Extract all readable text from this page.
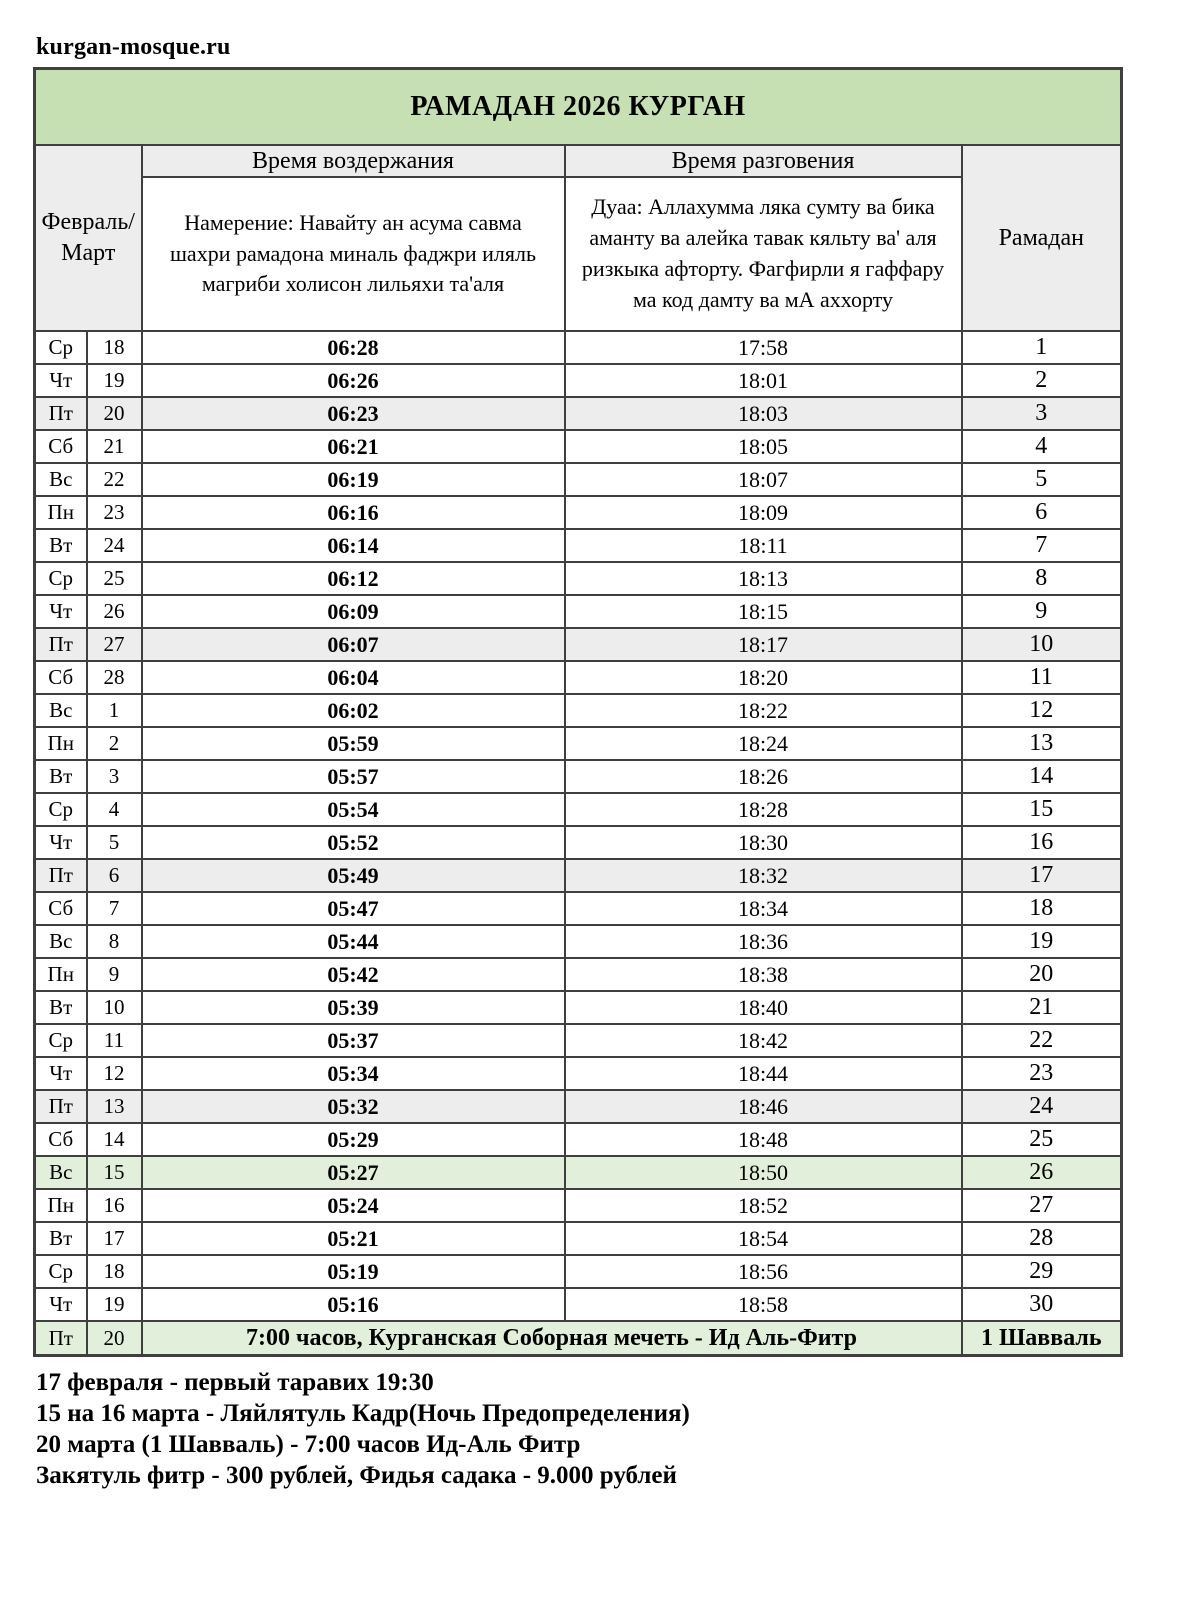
kurgan-mosque.ru
РАМАДАН 2026 КУРГАН				

Февраль/
Март		Время воздержания	Время разговения	Рамадан
		Намерение: Навайту ан асума савма шахри рамадона миналь фаджри иляль магриби холисон лильяхи та'аля	Дуаа: Аллахумма ляка сумту ва бика аманту ва алейка тавак кяльту ва' аля ризкыка афторту. Фагфирли я гаффару ма код дамту ва мА аххорту	
Ср	18	06:28	17:58	1
Чт	19	06:26	18:01	2
Пт	20	06:23	18:03	3
Сб	21	06:21	18:05	4
Вс	22	06:19	18:07	5
Пн	23	06:16	18:09	6
Вт	24	06:14	18:11	7
Ср	25	06:12	18:13	8
Чт	26	06:09	18:15	9
Пт	27	06:07	18:17	10
Сб	28	06:04	18:20	11
Вс	1	06:02	18:22	12
Пн	2	05:59	18:24	13
Вт	3	05:57	18:26	14
Ср	4	05:54	18:28	15
Чт	5	05:52	18:30	16
Пт	6	05:49	18:32	17
Сб	7	05:47	18:34	18
Вс	8	05:44	18:36	19
Пн	9	05:42	18:38	20
Вт	10	05:39	18:40	21
Ср	11	05:37	18:42	22
Чт	12	05:34	18:44	23
Пт	13	05:32	18:46	24
Сб	14	05:29	18:48	25
Вс	15	05:27	18:50	26
Пн	16	05:24	18:52	27
Вт	17	05:21	18:54	28
Ср	18	05:19	18:56	29
Чт	19	05:16	18:58	30
Пт	20	7:00 часов, Курганская Соборная мечеть - Ид Аль-Фитр		1 Шавваль
17 февраля - первый таравих 19:30
15 на 16 марта - Ляйлятуль Кадр(Ночь Предопределения)
20 марта (1 Шавваль) - 7:00 часов Ид-Аль Фитр
Закятуль фитр - 300 рублей, Фидья садака - 9.000 рублей
